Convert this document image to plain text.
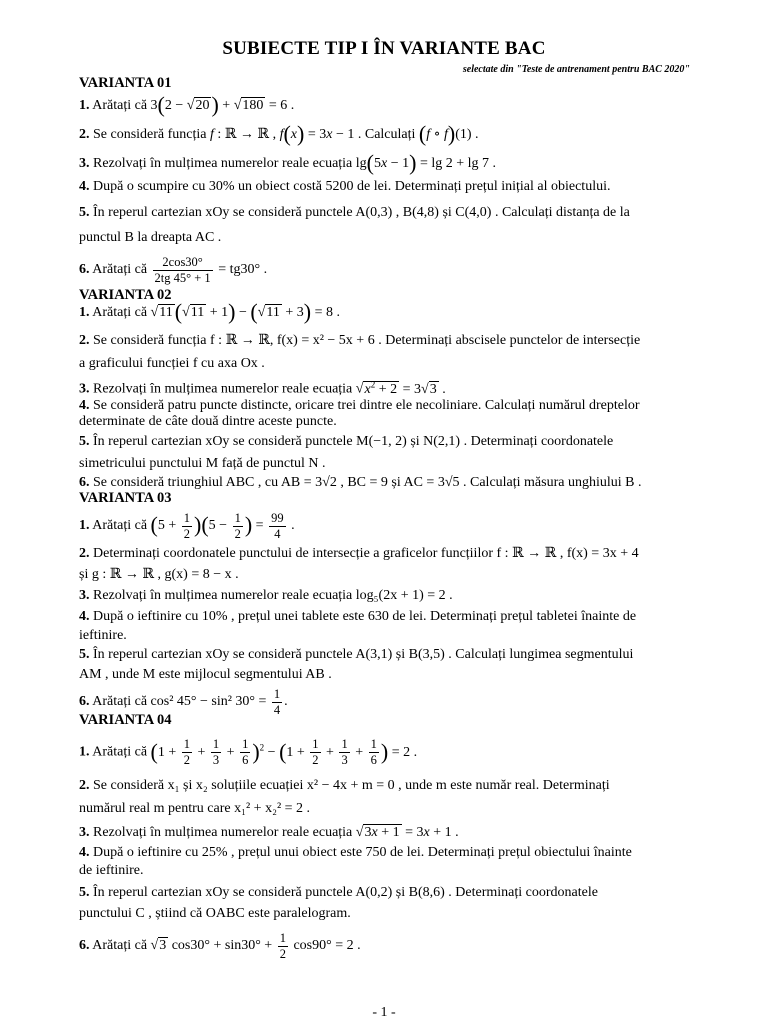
SUBIECTE TIP I ÎN VARIANTE BAC
selectate din "Teste de antrenament pentru BAC 2020"
VARIANTA 01
1. Arătați că 3(2 − √20) + √180 = 6 .
2. Se consideră funcția f : ℝ → ℝ , f(x) = 3x − 1 . Calculați (f ∘ f)(1) .
3. Rezolvați în mulțimea numerelor reale ecuația lg(5x − 1) = lg 2 + lg 7 .
4. După o scumpire cu 30% un obiect costă 5200 de lei. Determinați prețul inițial al obiectului.
5. În reperul cartezian xOy se consideră punctele A(0,3) , B(4,8) și C(4,0) . Calculați distanța de la
punctul B la dreapta AC .
6. Arătați că $\frac{2\cos 30^\circ}{2tg 45^\circ + 1} = tg30^\circ$ .
VARIANTA 02
1. Arătați că √11(√11 + 1) − (√11 + 3) = 8 .
2. Se consideră funcția f : ℝ → ℝ, f(x) = x² − 5x + 6 . Determinați abscisele punctelor de intersecție
a graficului funcției f cu axa Ox .
3. Rezolvați în mulțimea numerelor reale ecuația $√x^2 + 2 = 3√3$ .
4. Se consideră patru puncte distincte, oricare trei dintre ele necoliniare. Calculați numărul dreptelor
determinate de câte două dintre aceste puncte.
5. În reperul cartezian xOy se consideră punctele M(−1, 2) și N(2,1) . Determinați coordonatele
simetricului punctului M față de punctul N .
6. Se consideră triunghiul ABC , cu AB = 3√2 , BC = 9 și AC = 3√5 . Calculați măsura unghiului B .
VARIANTA 03
1. Arătați că $(5 + \frac{1}{2} )(5 - \frac{1}{2}$ ) = $\frac{99}{4}$ .
2. Determinați coordonatele punctului de intersecție a graficelor funcțiilor f : ℝ → ℝ , f(x) = 3x + 4
și g : ℝ → ℝ , g(x) = 8 − x .
3. Rezolvați în mulțimea numerelor reale ecuația log₅(2x + 1) = 2 .
4. După o ieftinire cu 10% , prețul unei tablete este 630 de lei. Determinați prețul tabletei înainte de
ieftinire.
5. În reperul cartezian xOy se consideră punctele A(3,1) și B(3,5) . Calculați lungimea segmentului
AM , unde M este mijlocul segmentului AB .
6. Arătați că cos² 45° − sin² $30^\circ = \frac{1}{4}$ .
VARIANTA 04
1. Arătați că $(1 + \frac{1}{2} + \frac{1}{3} + \frac{1}{6} )^2 - (1 + \frac{1}{2} + \frac{1}{3} + \frac{1}{6}$ ) = 2 .
2. Se consideră x₁ și x₂ soluțiile ecuației x² − 4x + m = 0 , unde m este număr real. Determinați
numărul real m pentru care x₁² + x₂² = 2 .
3. Rezolvați în mulțimea numerelor reale ecuația √3x + 1 = 3x + 1 .
4. După o ieftinire cu 25% , prețul unui obiect este 750 de lei. Determinați prețul obiectului înainte
de ieftinire.
5. În reperul cartezian xOy se consideră punctele A(0,2) și B(8,6) . Determinați coordonatele
punctului C , știind că OABC este paralelogram.
6. Arătați că √3 $\cos 30^\circ + \sin 30^\circ + \frac{1}{2} \cos 90^\circ = 2$ .
- 1 -
